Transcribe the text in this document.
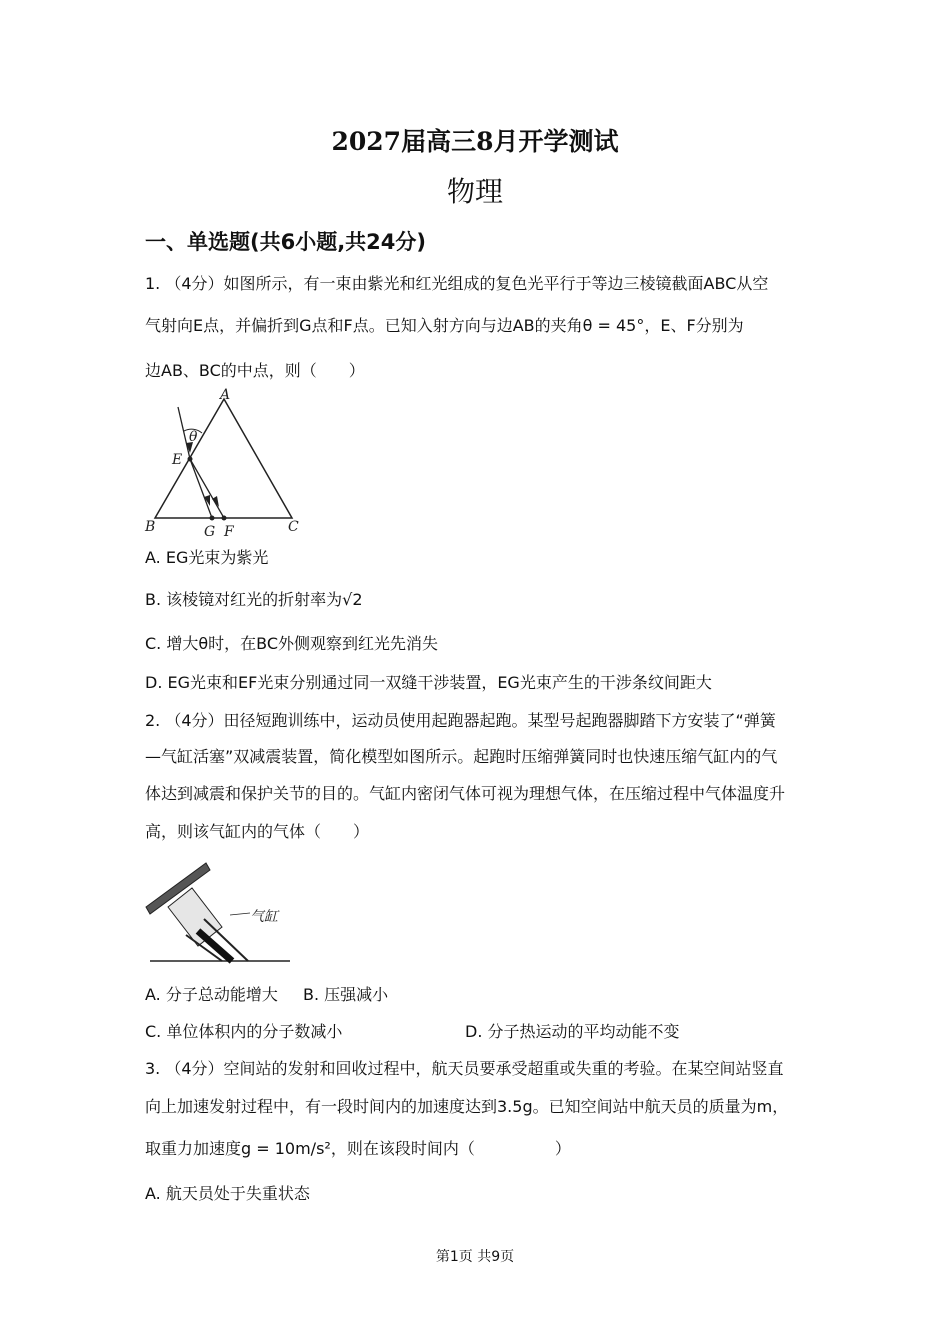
2027届高三8月开学测试
物理
一、单选题(共6小题,共24分)
1. （4分）如图所示，有一束由紫光和红光组成的复色光平行于等边三棱镜截面ABC从空
气射向E点，并偏折到G点和F点。已知入射方向与边AB的夹角θ = 45°，E、F分别为
边AB、BC的中点，则（　　）
A
B	C
E
G F
θ
A. EG光束为紫光
B. 该棱镜对红光的折射率为√2
C. 增大θ时，在BC外侧观察到红光先消失
D. EG光束和EF光束分别通过同一双缝干涉装置，EG光束产生的干涉条纹间距大
2. （4分）田径短跑训练中，运动员使用起跑器起跑。某型号起跑器脚踏下方安装了“弹簧
—气缸活塞”双减震装置，简化模型如图所示。起跑时压缩弹簧同时也快速压缩气缸内的气
体达到减震和保护关节的目的。气缸内密闭气体可视为理想气体，在压缩过程中气体温度升
高，则该气缸内的气体（　　）
气缸
A. 分子总动能增大 B. 压强减小
C. 单位体积内的分子数减小	D. 分子热运动的平均动能不变
3. （4分）空间站的发射和回收过程中，航天员要承受超重或失重的考验。在某空间站竖直
向上加速发射过程中，有一段时间内的加速度达到3.5g。已知空间站中航天员的质量为m，
取重力加速度g = 10m/s²，则在该段时间内（　　　　　）
A. 航天员处于失重状态
第1页 共9页
